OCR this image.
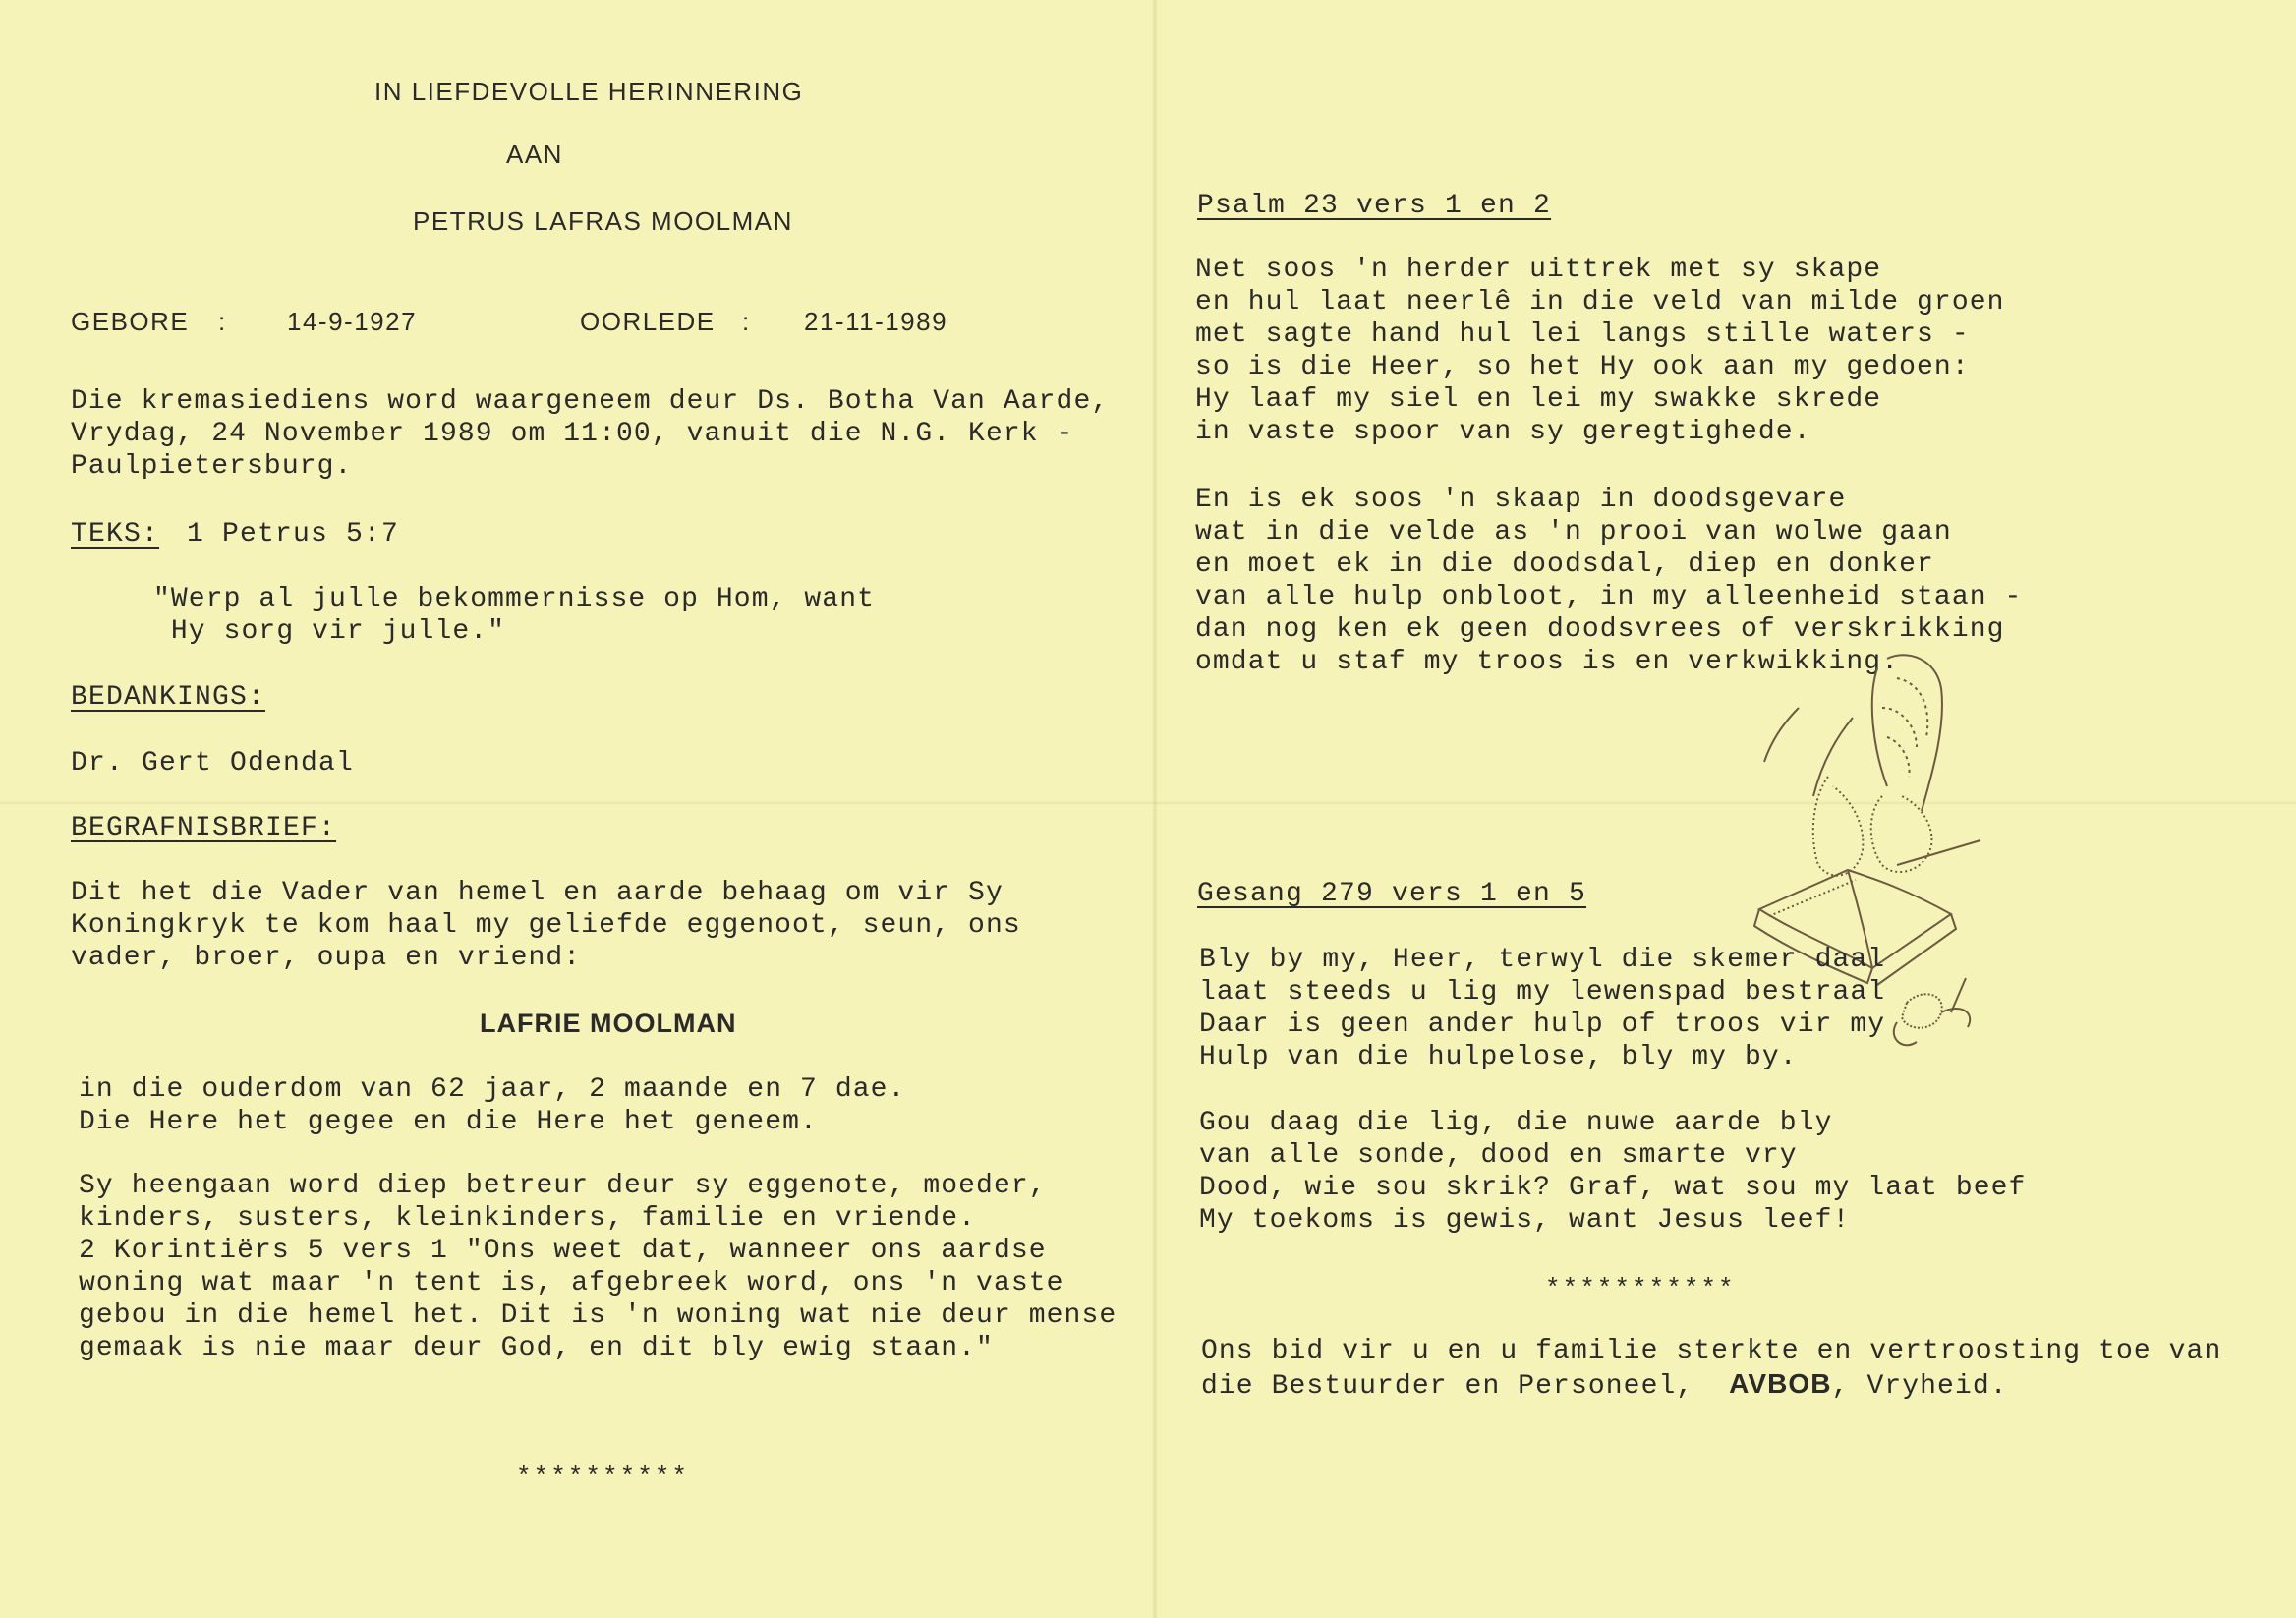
IN LIEFDEVOLLE HERINNERING
AAN
PETRUS LAFRAS MOOLMAN
GEBORE : 14-9-1927	OORLEDE : 21-11-1989
Die kremasiediens word waargeneem deur Ds. Botha Van Aarde,
Vrydag, 24 November 1989 om 11:00, vanuit die N.G. Kerk -
Paulpietersburg.
TEKS: 1 Petrus 5:7
"Werp al julle bekommernisse op Hom, want
Hy sorg vir julle."
BEDANKINGS:
Dr. Gert Odendal
BEGRAFNISBRIEF:
Dit het die Vader van hemel en aarde behaag om vir Sy
Koningkryk te kom haal my geliefde eggenoot, seun, ons
vader, broer, oupa en vriend:
LAFRIE MOOLMAN
in die ouderdom van 62 jaar, 2 maande en 7 dae.
Die Here het gegee en die Here het geneem.
Sy heengaan word diep betreur deur sy eggenote, moeder,
kinders, susters, kleinkinders, familie en vriende.
2 Korintiërs 5 vers 1 "Ons weet dat, wanneer ons aardse
woning wat maar 'n tent is, afgebreek word, ons 'n vaste
gebou in die hemel het. Dit is 'n woning wat nie deur mense
gemaak is nie maar deur God, en dit bly ewig staan."
**********
Psalm 23 vers 1 en 2
Net soos 'n herder uittrek met sy skape
en hul laat neerlê in die veld van milde groen
met sagte hand hul lei langs stille waters -
so is die Heer, so het Hy ook aan my gedoen:
Hy laaf my siel en lei my swakke skrede
in vaste spoor van sy geregtighede.
En is ek soos 'n skaap in doodsgevare
wat in die velde as 'n prooi van wolwe gaan
en moet ek in die doodsdal, diep en donker
van alle hulp onbloot, in my alleenheid staan -
dan nog ken ek geen doodsvrees of verskrikking
omdat u staf my troos is en verkwikking.
Gesang 279 vers 1 en 5
Bly by my, Heer, terwyl die skemer daal
laat steeds u lig my lewenspad bestraal
Daar is geen ander hulp of troos vir my
Hulp van die hulpelose, bly my by.
Gou daag die lig, die nuwe aarde bly
van alle sonde, dood en smarte vry
Dood, wie sou skrik? Graf, wat sou my laat beef
My toekoms is gewis, want Jesus leef!
***********
Ons bid vir u en u familie sterkte en vertroosting toe van
die Bestuurder en Personeel, AVBOB, Vryheid.
